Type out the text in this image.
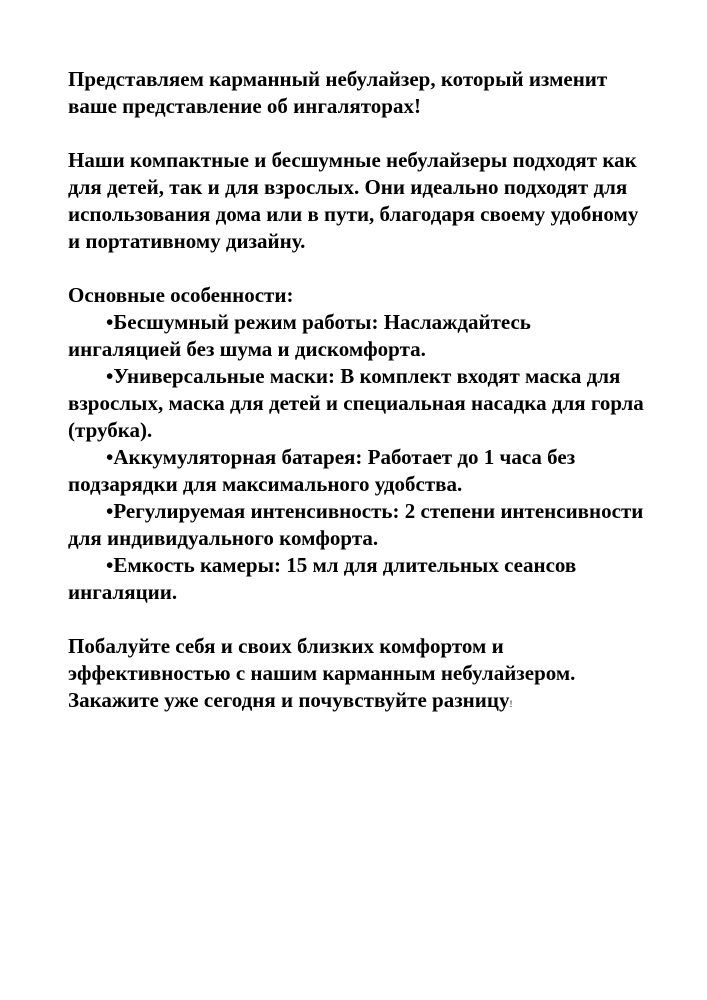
Представляем карманный небулайзер, который изменит ваше представление об ингаляторах!

Наши компактные и бесшумные небулайзеры подходят как для детей, так и для взрослых. Они идеально подходят для использования дома или в пути, благодаря своему удобному и портативному дизайну.

Основные особенности:

•Бесшумный режим работы: Наслаждайтесь ингаляцией без шума и дискомфорта.
•Универсальные маски: В комплект входят маска для взрослых, маска для детей и специальная насадка для горла (трубка).
•Аккумуляторная батарея: Работает до 1 часа без подзарядки для максимального удобства.
•Регулируемая интенсивность: 2 степени интенсивности для индивидуального комфорта.
•Емкость камеры: 15 мл для длительных сеансов ингаляции.

Побалуйте себя и своих близких комфортом и эффективностью с нашим карманным небулайзером. Закажите уже сегодня и почувствуйте разницу!
